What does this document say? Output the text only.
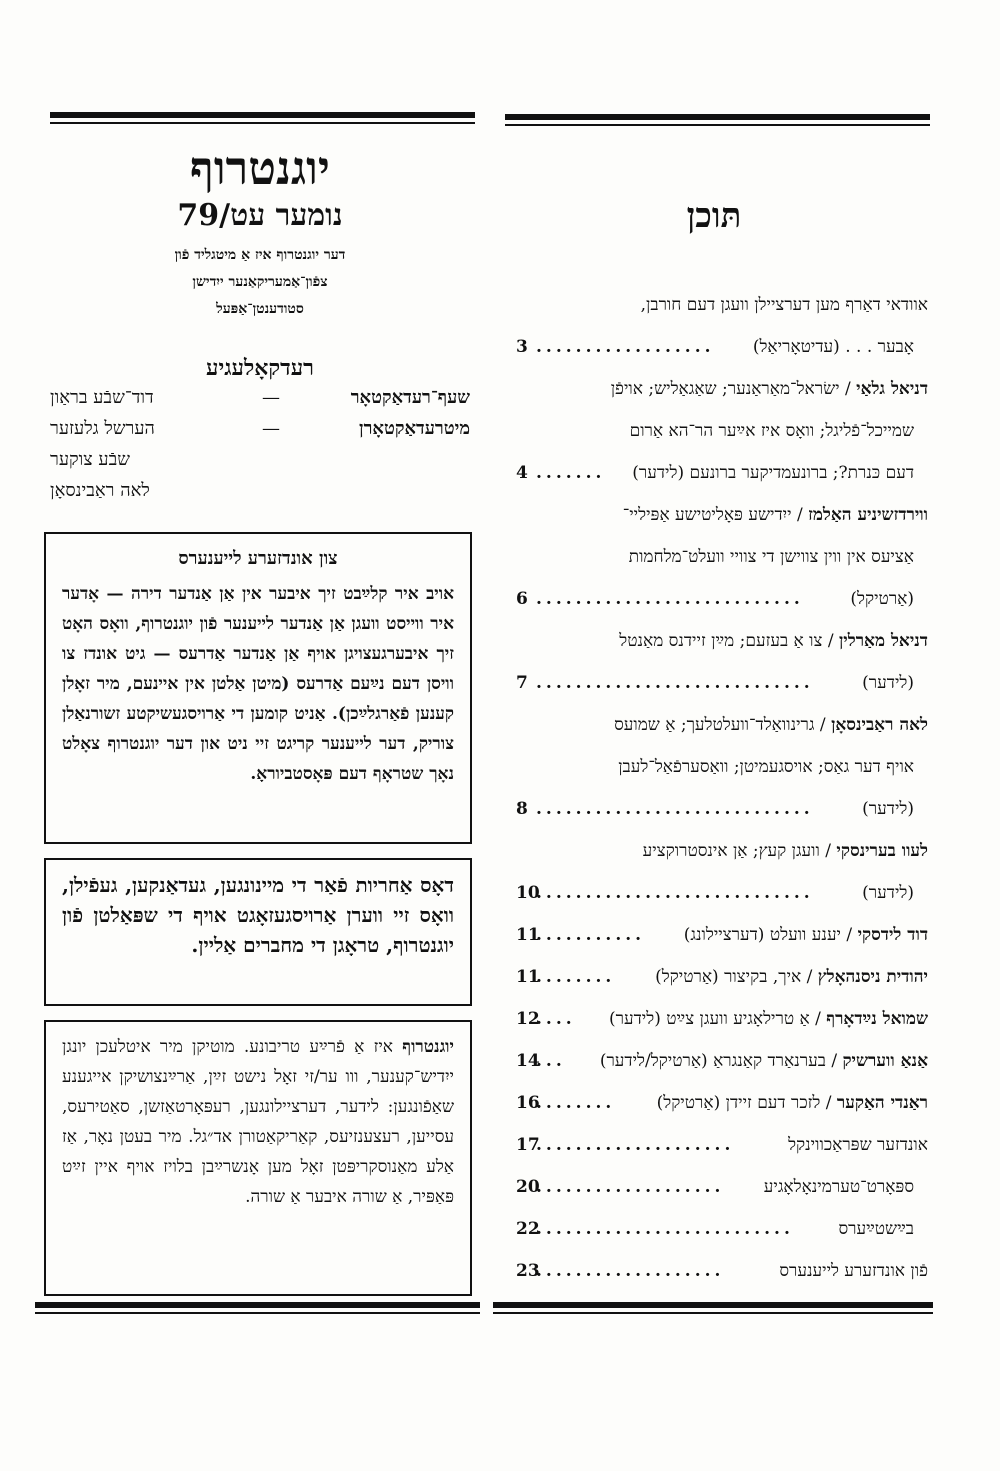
יוגנטרוף
נומער עט/79
דער יוגנטרוף איז אַ מיטגליד פֿון
צפֿון־אַמעריקאַנער ייִדישן
סטודענטן־אַפּעל
רעדקאָלעגיע
שעף־רעדאַקטאָר
—
דוד־שבֿע בראַון
מיטרעדאַקטאָרן
—
הערשל גלעזער
שבֿע צוקער
לאה ראַבינסאָן
צון אונדזערע לייענערס
אויב איר קלײַבט זיך איבער אין אַן אַנדער דירה — אָדער איר ווייסט וועגן אַן אַנדער לייענער פֿון יוגנטרוף, וואָס האָט זיך איבערגעצויגן אויף אַן אַנדער אַדרעס — גיט אונדז צו וויסן דעם נײַעם אַדרעס (מיטן אַלטן אין איינעם, מיר זאָלן קענען פֿאַרגלײַכן). אַניט קומען די אַרויסגעשיקטע זשורנאַלן צוריק, דער לייענער קריגט זיי ניט און דער יוגנטרוף צאָלט נאָך שטראָף דעם פּאָסטביוראָ.
דאָס אַחריות פֿאַר די מיינונגען, געדאַנקען, געפֿילן, וואָס זיי ווערן אַרויסגעזאָגט אויף די שפּאַלטן פֿון יוגנטרוף, טראָגן די מחברים אַליין.
יוגנטרוף איז אַ פֿרײַע טריבונע. מוטיקן מיר איטלעכן יונגן ייִדיש־קענער, ווו ער/זי זאָל נישט זײַן, אַרײַנצושיקן אייגענע שאַפֿונגען: לידער, דערציילונגען, רעפּאָרטאַזשן, סאַטירעס, עסייען, רעצענזיעס, קאַריקאַטורן אד״גל. מיר בעטן נאָר, אַז אַלע מאַנוסקריפּטן זאָל מען אָנשרײַבן בלויז אויף איין זײַט פּאַפּיר, אַ שורה איבער אַ שורה.
תּוכן
אוודאי דאַרף מען דערציילן וועגן דעם חורבן,
אָבער . . . (עדיטאָריאַל)
3 ..................
דניאל גלאַי / ישׂראל־מאַראַנער; שאַגאַליש; אויפֿן
שמייכל־פֿליגל; וואָס איז אײַער הר־הא אַרום
דעם כּנרת?; ברונעמדיקער ברונעם (לידער)
4 .......
ווירדזשיניע האַלמז / ייִדישע פּאָליטישע אַפּיליי־
אַציעס אין ווין צווישן די צוויי וועלט־מלחמות
(אַרטיקל)
6 ...........................
דניאל מאַרלין / צו אַ בעזעם; מײַן זיידנס מאַנטל
(לידער)
7 ............................
לאה ראַבינסאָן / גרינוואַלד־וועלטלעך; אַ שמועס
אויף דער גאַס; אויסגעמיטן; וואַסערפֿאַל־לעבן
(לידער)
8 ............................
לעוו בערינסקי / וועגן קעץ; אַן אינסטרוקציע
(לידער)
10
............................
דוד לידסקי / יענע וועלט (דערציילונג)
11
...........
יהודית ניסנהאָלץ / איך, בקיצור (אַרטיקל)
11
........
שמואל נײַדאָרף / אַ טרילאָגיע וועגן צײַט (לידער)
12
....
אַנאַ ווערשיק / בערנאַרד קאַנגראַ (אַרטיקל/לידער)
14
...
ראַנדי האַקער / לזכר דעם זיידן (אַרטיקל)
16
........
אונדזער שפּראַכווינקל
17
....................
ספּאָרט־טערמינאָלאָגיע
20
...................
בײַשטײַערס
22
..........................
פֿון אונדזערע לייענערס
23
...................
